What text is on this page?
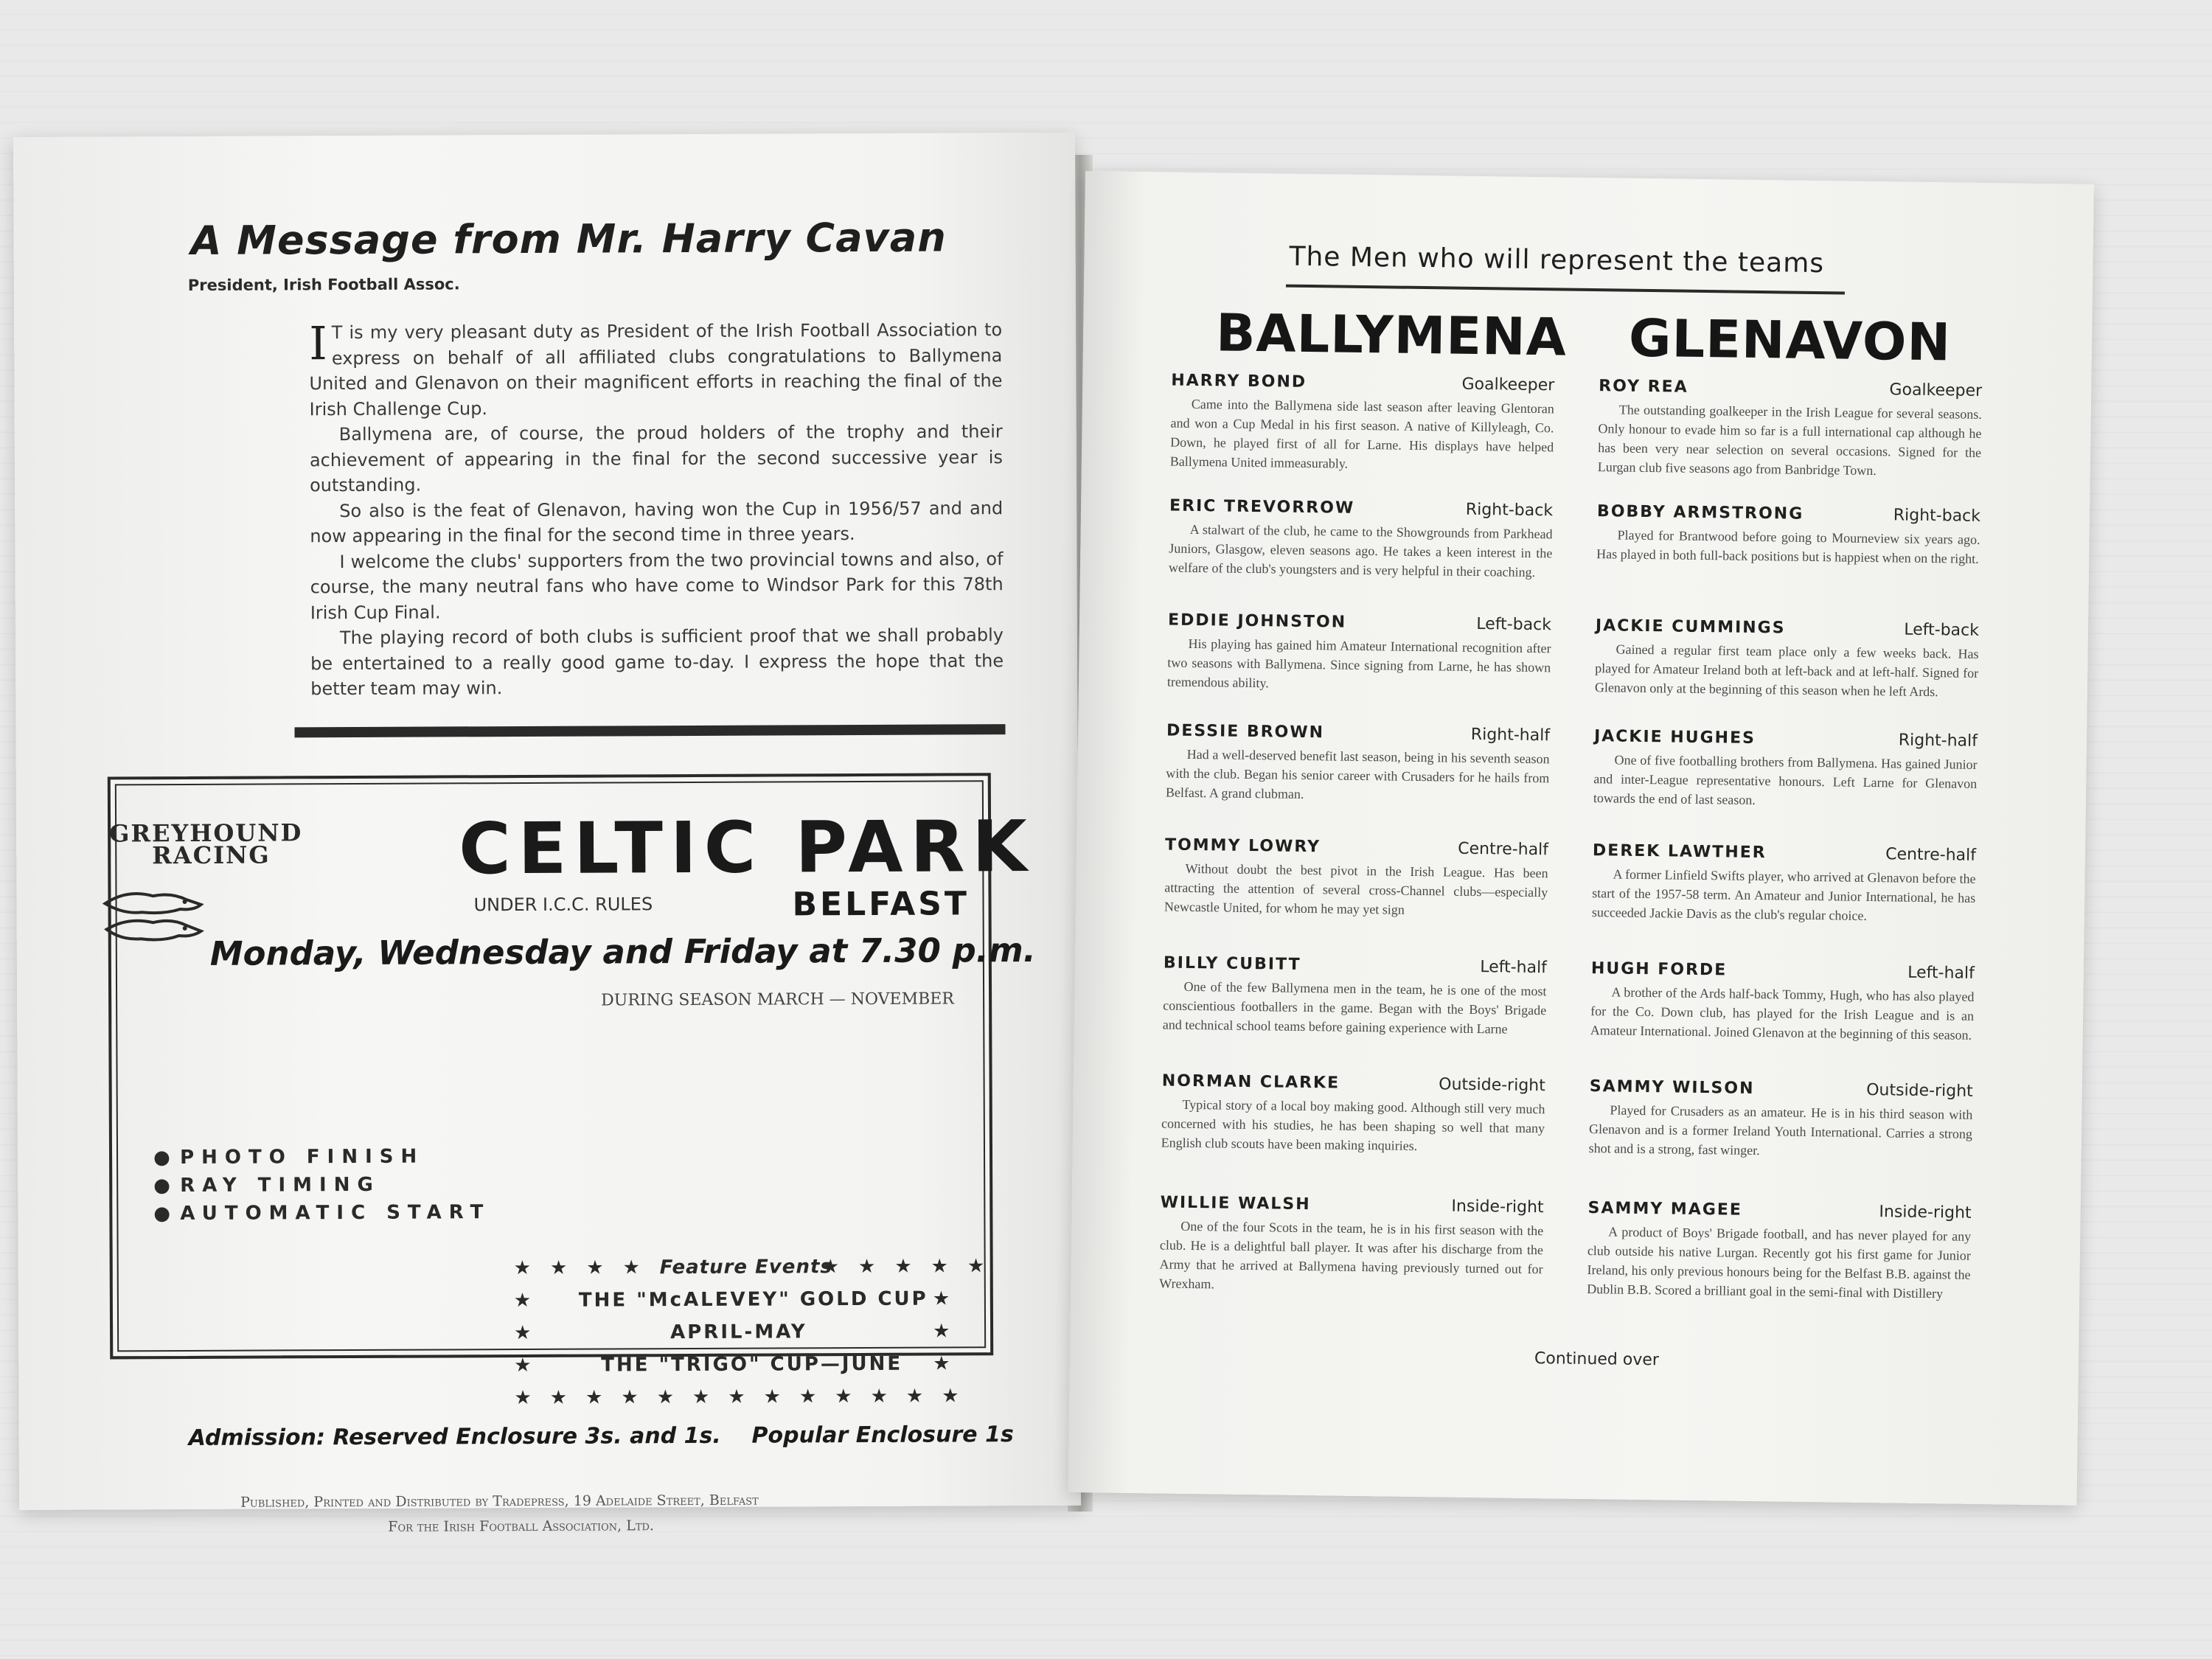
A Message from Mr. Harry Cavan
President, Irish Football Assoc.

I T is my very pleasant duty as President of the Irish Football Association to express on behalf of all affiliated clubs congratulations to Ballymena United and Glenavon on their magnificent efforts in reaching the final of the Irish Challenge Cup.

Ballymena are, of course, the proud holders of the trophy and their achievement of appearing in the final for the second successive year is outstanding.

So also is the feat of Glenavon, having won the Cup in 1956/57 and and now appearing in the final for the second time in three years.

I welcome the clubs' supporters from the two provincial towns and also, of course, the many neutral fans who have come to Windsor Park for this 78th Irish Cup Final.

The playing record of both clubs is sufficient proof that we shall probably be entertained to a really good game to-day. I express the hope that the better team may win.

GREYHOUND
RACING	CELTIC PARK
UNDER I.C.C. RULES	BELFAST
Monday, Wednesday and Friday at 7.30 p.m.
DURING SEASON MARCH — NOVEMBER
● PHOTO FINISH
● RAY TIMING
● AUTOMATIC START
★★★★ Feature Events
★★★★★
★ THE "McALEVEY" GOLD CUP ★
★	APRIL-MAY	★
★	THE "TRIGO" CUP—JUNE ★
★★★★★★★★★★★★★
Admission: Reserved Enclosure 3s. and 1s.    Popular Enclosure 1s
Published, Printed and Distributed by Tradepress, 19 Adelaide Street, Belfast
For the Irish Football Association, Ltd.
The Men who will represent the teams
BALLYMENA GLENAVON
HARRY BOND	Goalkeeper
Came into the Ballymena side last season after leaving Glentoran and won a Cup Medal in his first season. A native of Killyleagh, Co. Down, he played first of all for Larne. His displays have helped Ballymena United immeasurably.
ERIC TREVORROW	Right-back
A stalwart of the club, he came to the Showgrounds from Parkhead Juniors, Glasgow, eleven seasons ago. He takes a keen interest in the welfare of the club's youngsters and is very helpful in their coaching.
EDDIE JOHNSTON	Left-back
His playing has gained him Amateur International recognition after two seasons with Ballymena. Since signing from Larne, he has shown tremendous ability.
DESSIE BROWN	Right-half
Had a well-deserved benefit last season, being in his seventh season with the club. Began his senior career with Crusaders for he hails from Belfast. A grand clubman.
TOMMY LOWRY	Centre-half
Without doubt the best pivot in the Irish League. Has been attracting the attention of several cross-Channel clubs—especially Newcastle United, for whom he may yet sign
BILLY CUBITT	Left-half
One of the few Ballymena men in the team, he is one of the most conscientious footballers in the game. Began with the Boys' Brigade and technical school teams before gaining experience with Larne
NORMAN CLARKE	Outside-right
Typical story of a local boy making good. Although still very much concerned with his studies, he has been shaping so well that many English club scouts have been making inquiries.
WILLIE WALSH	Inside-right
One of the four Scots in the team, he is in his first season with the club. He is a delightful ball player. It was after his discharge from the Army that he arrived at Ballymena having previously turned out for Wrexham.
ROY REA	Goalkeeper
The outstanding goalkeeper in the Irish League for several seasons. Only honour to evade him so far is a full international cap although he has been very near selection on several occasions. Signed for the Lurgan club five seasons ago from Banbridge Town.
BOBBY ARMSTRONG	Right-back
Played for Brantwood before going to Mourneview six years ago. Has played in both full-back positions but is happiest when on the right.
JACKIE CUMMINGS	Left-back
Gained a regular first team place only a few weeks back. Has played for Amateur Ireland both at left-back and at left-half. Signed for Glenavon only at the beginning of this season when he left Ards.
JACKIE HUGHES	Right-half
One of five footballing brothers from Ballymena. Has gained Junior and inter-League representative honours. Left Larne for Glenavon towards the end of last season.
DEREK LAWTHER	Centre-half
A former Linfield Swifts player, who arrived at Glenavon before the start of the 1957-58 term. An Amateur and Junior International, he has succeeded Jackie Davis as the club's regular choice.
HUGH FORDE	Left-half
A brother of the Ards half-back Tommy, Hugh, who has also played for the Co. Down club, has played for the Irish League and is an Amateur International. Joined Glenavon at the beginning of this season.
SAMMY WILSON	Outside-right
Played for Crusaders as an amateur. He is in his third season with Glenavon and is a former Ireland Youth International. Carries a strong shot and is a strong, fast winger.
SAMMY MAGEE	Inside-right
A product of Boys' Brigade football, and has never played for any club outside his native Lurgan. Recently got his first game for Junior Ireland, his only previous honours being for the Belfast B.B. against the Dublin B.B. Scored a brilliant goal in the semi-final with Distillery
Continued over
